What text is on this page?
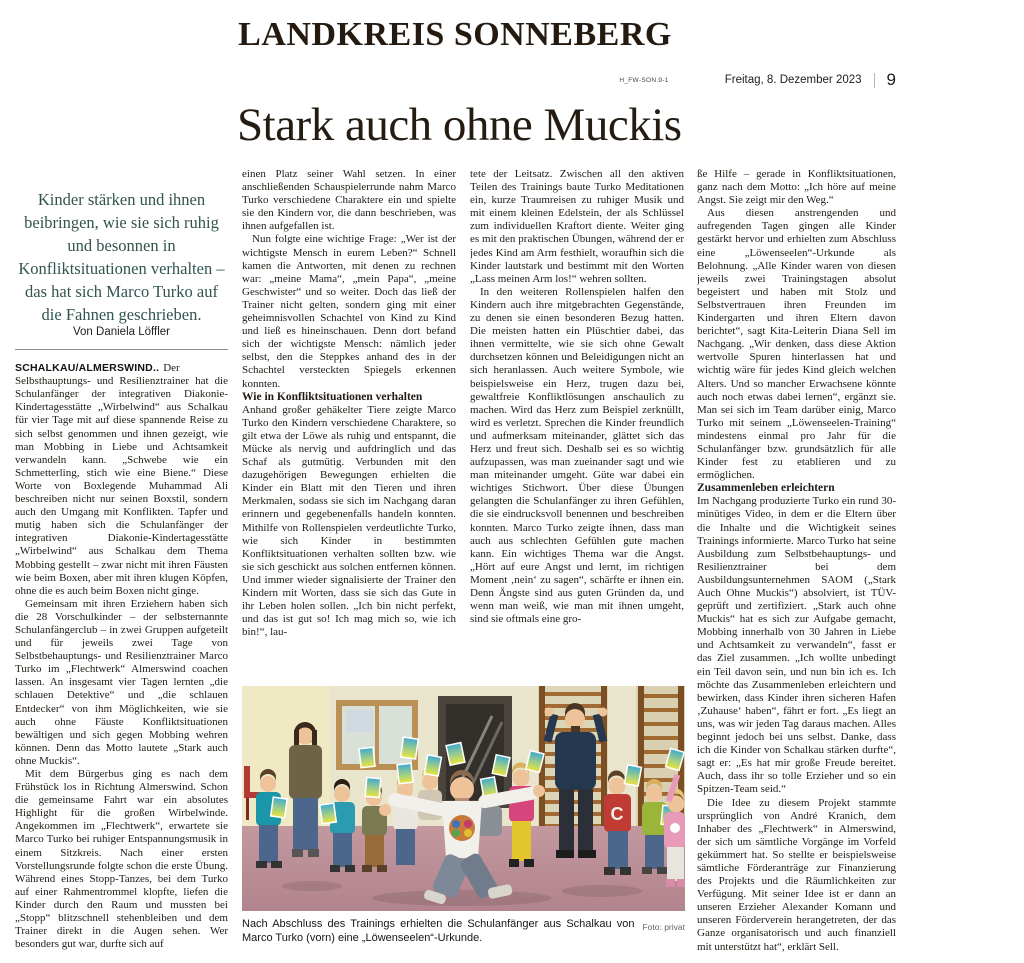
LANDKREIS SONNEBERG
H_FW-SON.9-1	Freitag, 8. Dezember 2023 9
Stark auch ohne Muckis

Kinder stärken und ihnen beibringen, wie sie sich ruhig und besonnen in Konfliktsituationen verhalten – das hat sich Marco Turko auf die Fahnen geschrieben.

Von Daniela Löffler

SCHALKAU/ALMERSWIND.. Der Selbsthauptungs- und Resilienztrainer hat die Schulanfänger der integrativen Diakonie-Kindertagesstätte „Wirbelwind“ aus Schalkau für vier Tage mit auf diese spannende Reise zu sich selbst genommen und ihnen gezeigt, wie man Mobbing in Liebe und Achtsamkeit verwandeln kann. „Schwebe wie ein Schmetterling, stich wie eine Biene.“ Diese Worte von Boxlegende Muhammad Ali beschreiben nicht nur seinen Boxstil, sondern auch den Umgang mit Konflikten. Tapfer und mutig haben sich die Schulanfänger der integrativen Diakonie-Kindertagesstätte „Wirbelwind“ aus Schalkau dem Thema Mobbing gestellt – zwar nicht mit ihren Fäusten wie beim Boxen, aber mit ihren klugen Köpfen, ohne die es auch beim Boxen nicht ginge.

Gemeinsam mit ihren Erziehern haben sich die 28 Vorschulkinder – der selbsternannte Schulanfängerclub – in zwei Gruppen aufgeteilt und für jeweils zwei Tage von Selbstbehauptungs- und Resilienztrainer Marco Turko im „Flechtwerk“ Almerswind coachen lassen. An insgesamt vier Tagen lernten „die schlauen Detektive“ und „die schlauen Entdecker“ von ihm Möglichkeiten, wie sie auch ohne Fäuste Konfliktsituationen bewältigen und sich gegen Mobbing wehren können. Denn das Motto lautete „Stark auch ohne Muckis“.

Mit dem Bürgerbus ging es nach dem Frühstück los in Richtung Almerswind. Schon die gemeinsame Fahrt war ein absolutes Highlight für die großen Wirbelwinde. Angekommen im „Flechtwerk“, erwartete sie Marco Turko bei ruhiger Entspannungsmusik in einem Sitzkreis. Nach einer ersten Vorstellungsrunde folgte schon die erste Übung. Während eines Stopp-Tanzes, bei dem Turko auf einer Rahmentrommel klopfte, liefen die Kinder durch den Raum und mussten bei „Stopp“ blitzschnell stehenbleiben und dem Trainer direkt in die Augen sehen. Wer besonders gut war, durfte sich auf

einen Platz seiner Wahl setzen. In einer anschließenden Schauspielerrunde nahm Marco Turko verschiedene Charaktere ein und spielte sie den Kindern vor, die dann beschrieben, was ihnen aufgefallen ist.

Nun folgte eine wichtige Frage: „Wer ist der wichtigste Mensch in eurem Leben?“ Schnell kamen die Antworten, mit denen zu rechnen war: „meine Mama“, „mein Papa“, „meine Geschwister“ und so weiter. Doch das ließ der Trainer nicht gelten, sondern ging mit einer geheimnisvollen Schachtel von Kind zu Kind und ließ es hineinschauen. Denn dort befand sich der wichtigste Mensch: nämlich jeder selbst, den die Steppkes anhand des in der Schachtel versteckten Spiegels erkennen konnten.

Wie in Konfliktsituationen verhalten

Anhand großer gehäkelter Tiere zeigte Marco Turko den Kindern verschiedene Charaktere, so gilt etwa der Löwe als ruhig und entspannt, die Mücke als nervig und aufdringlich und das Schaf als gutmütig. Verbunden mit den dazugehörigen Bewegungen erhielten die Kinder ein Blatt mit den Tieren und ihren Merkmalen, sodass sie sich im Nachgang daran erinnern und gegebenenfalls handeln konnten. Mithilfe von Rollenspielen verdeutlichte Turko, wie sich Kinder in bestimmten Konfliktsituationen verhalten sollten bzw. wie sie sich geschickt aus solchen entfernen können. Und immer wieder signalisierte der Trainer den Kindern mit Worten, dass sie sich das Gute in ihr Leben holen sollen. „Ich bin nicht perfekt, und das ist gut so! Ich mag mich so, wie ich bin!“, lau-

tete der Leitsatz. Zwischen all den aktiven Teilen des Trainings baute Turko Meditationen ein, kurze Traumreisen zu ruhiger Musik und mit einem kleinen Edelstein, der als Schlüssel zum individuellen Kraftort diente. Weiter ging es mit den praktischen Übungen, während der er jedes Kind am Arm festhielt, woraufhin sich die Kinder lautstark und bestimmt mit den Worten „Lass meinen Arm los!“ wehren sollten.

In den weiteren Rollenspielen halfen den Kindern auch ihre mitgebrachten Gegenstände, zu denen sie einen besonderen Bezug hatten. Die meisten hatten ein Plüschtier dabei, das ihnen vermittelte, wie sie sich ohne Gewalt durchsetzen können und Beleidigungen nicht an sich heranlassen. Auch weitere Symbole, wie beispielsweise ein Herz, trugen dazu bei, gewaltfreie Konfliktlösungen anschaulich zu machen. Wird das Herz zum Beispiel zerknüllt, wird es verletzt. Sprechen die Kinder freundlich und aufmerksam miteinander, glättet sich das Herz und freut sich. Deshalb sei es so wichtig aufzupassen, was man zueinander sagt und wie man miteinander umgeht. Güte war dabei ein wichtiges Stichwort. Über diese Übungen gelangten die Schulanfänger zu ihren Gefühlen, die sie eindrucksvoll benennen und beschreiben konnten. Marco Turko zeigte ihnen, dass man auch aus schlechten Gefühlen gute machen kann. Ein wichtiges Thema war die Angst. „Hört auf eure Angst und lernt, im richtigen Moment ‚nein‘ zu sagen“, schärfte er ihnen ein. Denn Ängste sind aus guten Gründen da, und wenn man weiß, wie man mit ihnen umgeht, sind sie oftmals eine gro-

ße Hilfe – gerade in Konfliktsituationen, ganz nach dem Motto: „Ich höre auf meine Angst. Sie zeigt mir den Weg.“

Aus diesen anstrengenden und aufregenden Tagen gingen alle Kinder gestärkt hervor und erhielten zum Abschluss eine „Löwenseelen“-Urkunde als Belohnung. „Alle Kinder waren von diesen jeweils zwei Trainingstagen absolut begeistert und haben mit Stolz und Selbstvertrauen ihren Freunden im Kindergarten und ihren Eltern davon berichtet“, sagt Kita-Leiterin Diana Sell im Nachgang. „Wir denken, dass diese Aktion wertvolle Spuren hinterlassen hat und wichtig wäre für jedes Kind gleich welchen Alters. Und so mancher Erwachsene könnte auch noch etwas dabei lernen“, ergänzt sie. Man sei sich im Team darüber einig, Marco Turko mit seinem „Löwenseelen-Training“ mindestens einmal pro Jahr für die Schulanfänger bzw. grundsätzlich für alle Kinder fest zu etablieren und zu ermöglichen.

Zusammenleben erleichtern

Im Nachgang produzierte Turko ein rund 30-minütiges Video, in dem er die Eltern über die Inhalte und die Wichtigkeit seines Trainings informierte. Marco Turko hat seine Ausbildung zum Selbstbehauptungs- und Resilienztrainer bei dem Ausbildungsunternehmen SAOM („Stark Auch Ohne Muckis“) absolviert, ist TÜV-geprüft und zertifiziert. „Stark auch ohne Muckis“ hat es sich zur Aufgabe gemacht, Mobbing innerhalb von 30 Jahren in Liebe und Achtsamkeit zu verwandeln“, fasst er das Ziel zusammen. „Ich wollte unbedingt ein Teil davon sein, und nun bin ich es. Ich möchte das Zusammenleben erleichtern und bewirken, dass Kinder ihren sicheren Hafen ‚Zuhause‘ haben“, fährt er fort. „Es liegt an uns, was wir jeden Tag daraus machen. Alles beginnt jedoch bei uns selbst. Danke, dass ich die Kinder von Schalkau stärken durfte“, sagt er: „Es hat mir große Freude bereitet. Auch, dass ihr so tolle Erzieher und so ein Spitzen-Team seid.“

Die Idee zu diesem Projekt stammte ursprünglich von André Kranich, dem Inhaber des „Flechtwerk“ in Almerswind, der sich um sämtliche Vorgänge im Vorfeld gekümmert hat. So stellte er beispielsweise sämtliche Förderanträge zur Finanzierung des Projekts und die Räumlichkeiten zur Verfügung. Mit seiner Idee ist er dann an unseren Erzieher Alexander Komann und unseren Förderverein herangetreten, der das Ganze organisatorisch und auch finanziell mit unterstützt hat“, erklärt Sell.

C
Foto: privat
Nach Abschluss des Trainings erhielten die Schulanfänger aus Schalkau von Marco Turko (vorn) eine „Löwenseelen“-Urkunde.
